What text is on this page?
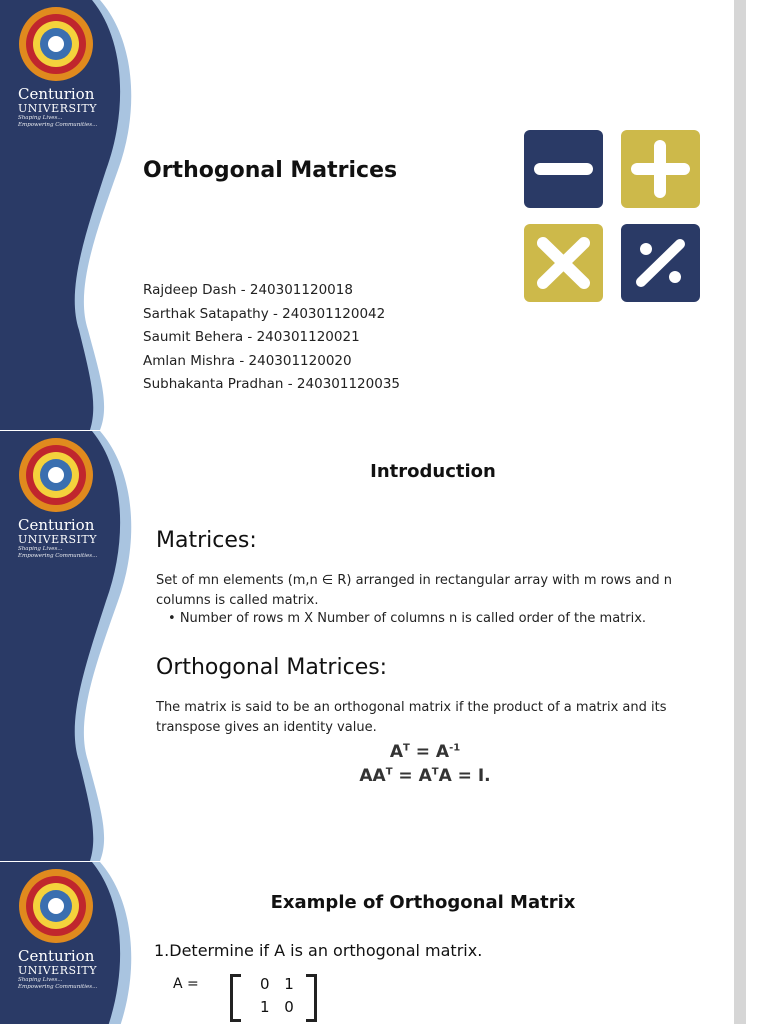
Centurion
UNIVERSITY
Shaping Lives...
Empowering Communities...
Orthogonal Matrices
Rajdeep Dash - 240301120018
Sarthak Satapathy - 240301120042
Saumit Behera - 240301120021
Amlan Mishra - 240301120020
Subhakanta Pradhan - 240301120035
Centurion
UNIVERSITY
Shaping Lives...
Empowering Communities...
Introduction
Matrices:
Set of mn elements (m,n ∈ R) arranged in rectangular array with m rows and n columns is called matrix.
• Number of rows m X Number of columns n is called order of the matrix.
Orthogonal Matrices:
The matrix is said to be an orthogonal matrix if the product of a matrix and its transpose gives an identity value.
$A^T = A^{-1}$
$AA^T = A^TA = I$.
Centurion
UNIVERSITY
Shaping Lives...
Empowering Communities...
Example of Orthogonal Matrix
1.Determine if A is an orthogonal matrix.
A =	0 1
1 0
